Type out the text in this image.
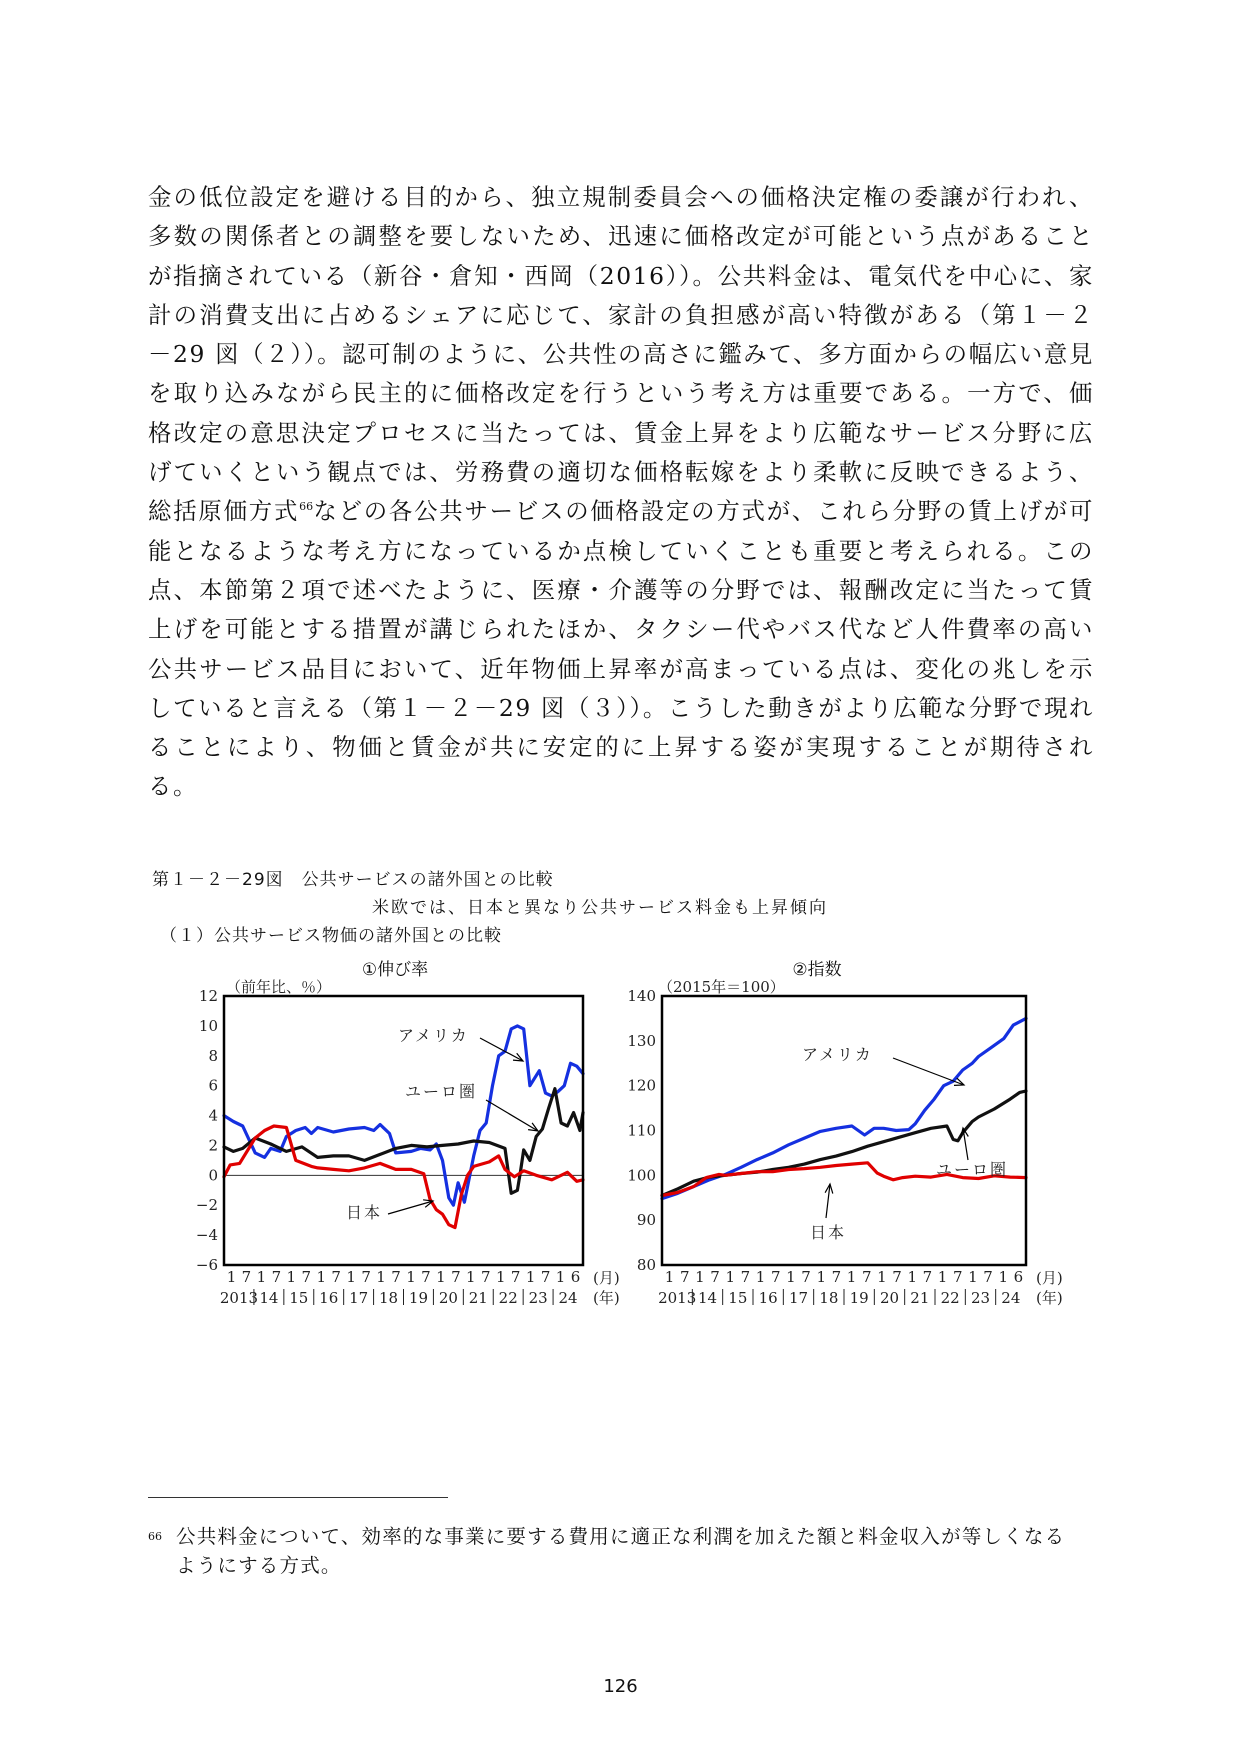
金の低位設定を避ける目的から、独立規制委員会への価格決定権の委譲が行われ、多数の関係者との調整を要しないため、迅速に価格改定が可能という点があることが指摘されている（新谷・倉知・西岡（2016））。公共料金は、電気代を中心に、家計の消費支出に占めるシェアに応じて、家計の負担感が高い特徴がある（第１－２－29 図（２））。認可制のように、公共性の高さに鑑みて、多方面からの幅広い意見を取り込みながら民主的に価格改定を行うという考え方は重要である。一方で、価格改定の意思決定プロセスに当たっては、賃金上昇をより広範なサービス分野に広げていくという観点では、労務費の適切な価格転嫁をより柔軟に反映できるよう、総括原価方式$^{66}$などの各公共サービスの価格設定の方式が、これら分野の賃上げが可能となるような考え方になっているか点検していくことも重要と考えられる。この点、本節第２項で述べたように、医療・介護等の分野では、報酬改定に当たって賃上げを可能とする措置が講じられたほか、タクシー代やバス代など人件費率の高い公共サービス品目において、近年物価上昇率が高まっている点は、変化の兆しを示していると言える（第１－２－29 図（３））。こうした動きがより広範な分野で現れることにより、物価と賃金が共に安定的に上昇する姿が実現することが期待される。

第１－２－29図　公共サービスの諸外国との比較
米欧では、日本と異なり公共サービス料金も上昇傾向
（１）公共サービス物価の諸外国との比較
①伸び率
（前年比、％）
12
10
8
6
4
2
0
−2
−4
−6
1 7 1 7 1 7 1 7 1 7 1 7 1 7 1 7 1 7 1 7 1 7 1 6
2013 14 15 16 17 18 19 20 21 22 23 24
(月)
(年)
アメリカ
ユーロ圏
日本
②指数
（2015年＝100）
140
130
120
110
100
90
80
1 7 1 7 1 7 1 7 1 7 1 7 1 7 1 7 1 7 1 7 1 7 1 6
2013 14 15 16 17 18 19 20 21 22 23 24
(月)
(年)
アメリカ
ユーロ圏
日本
$^{66}$ 公共料金について、効率的な事業に要する費用に適正な利潤を加えた額と料金収入が等しくなるようにする方式。
126
